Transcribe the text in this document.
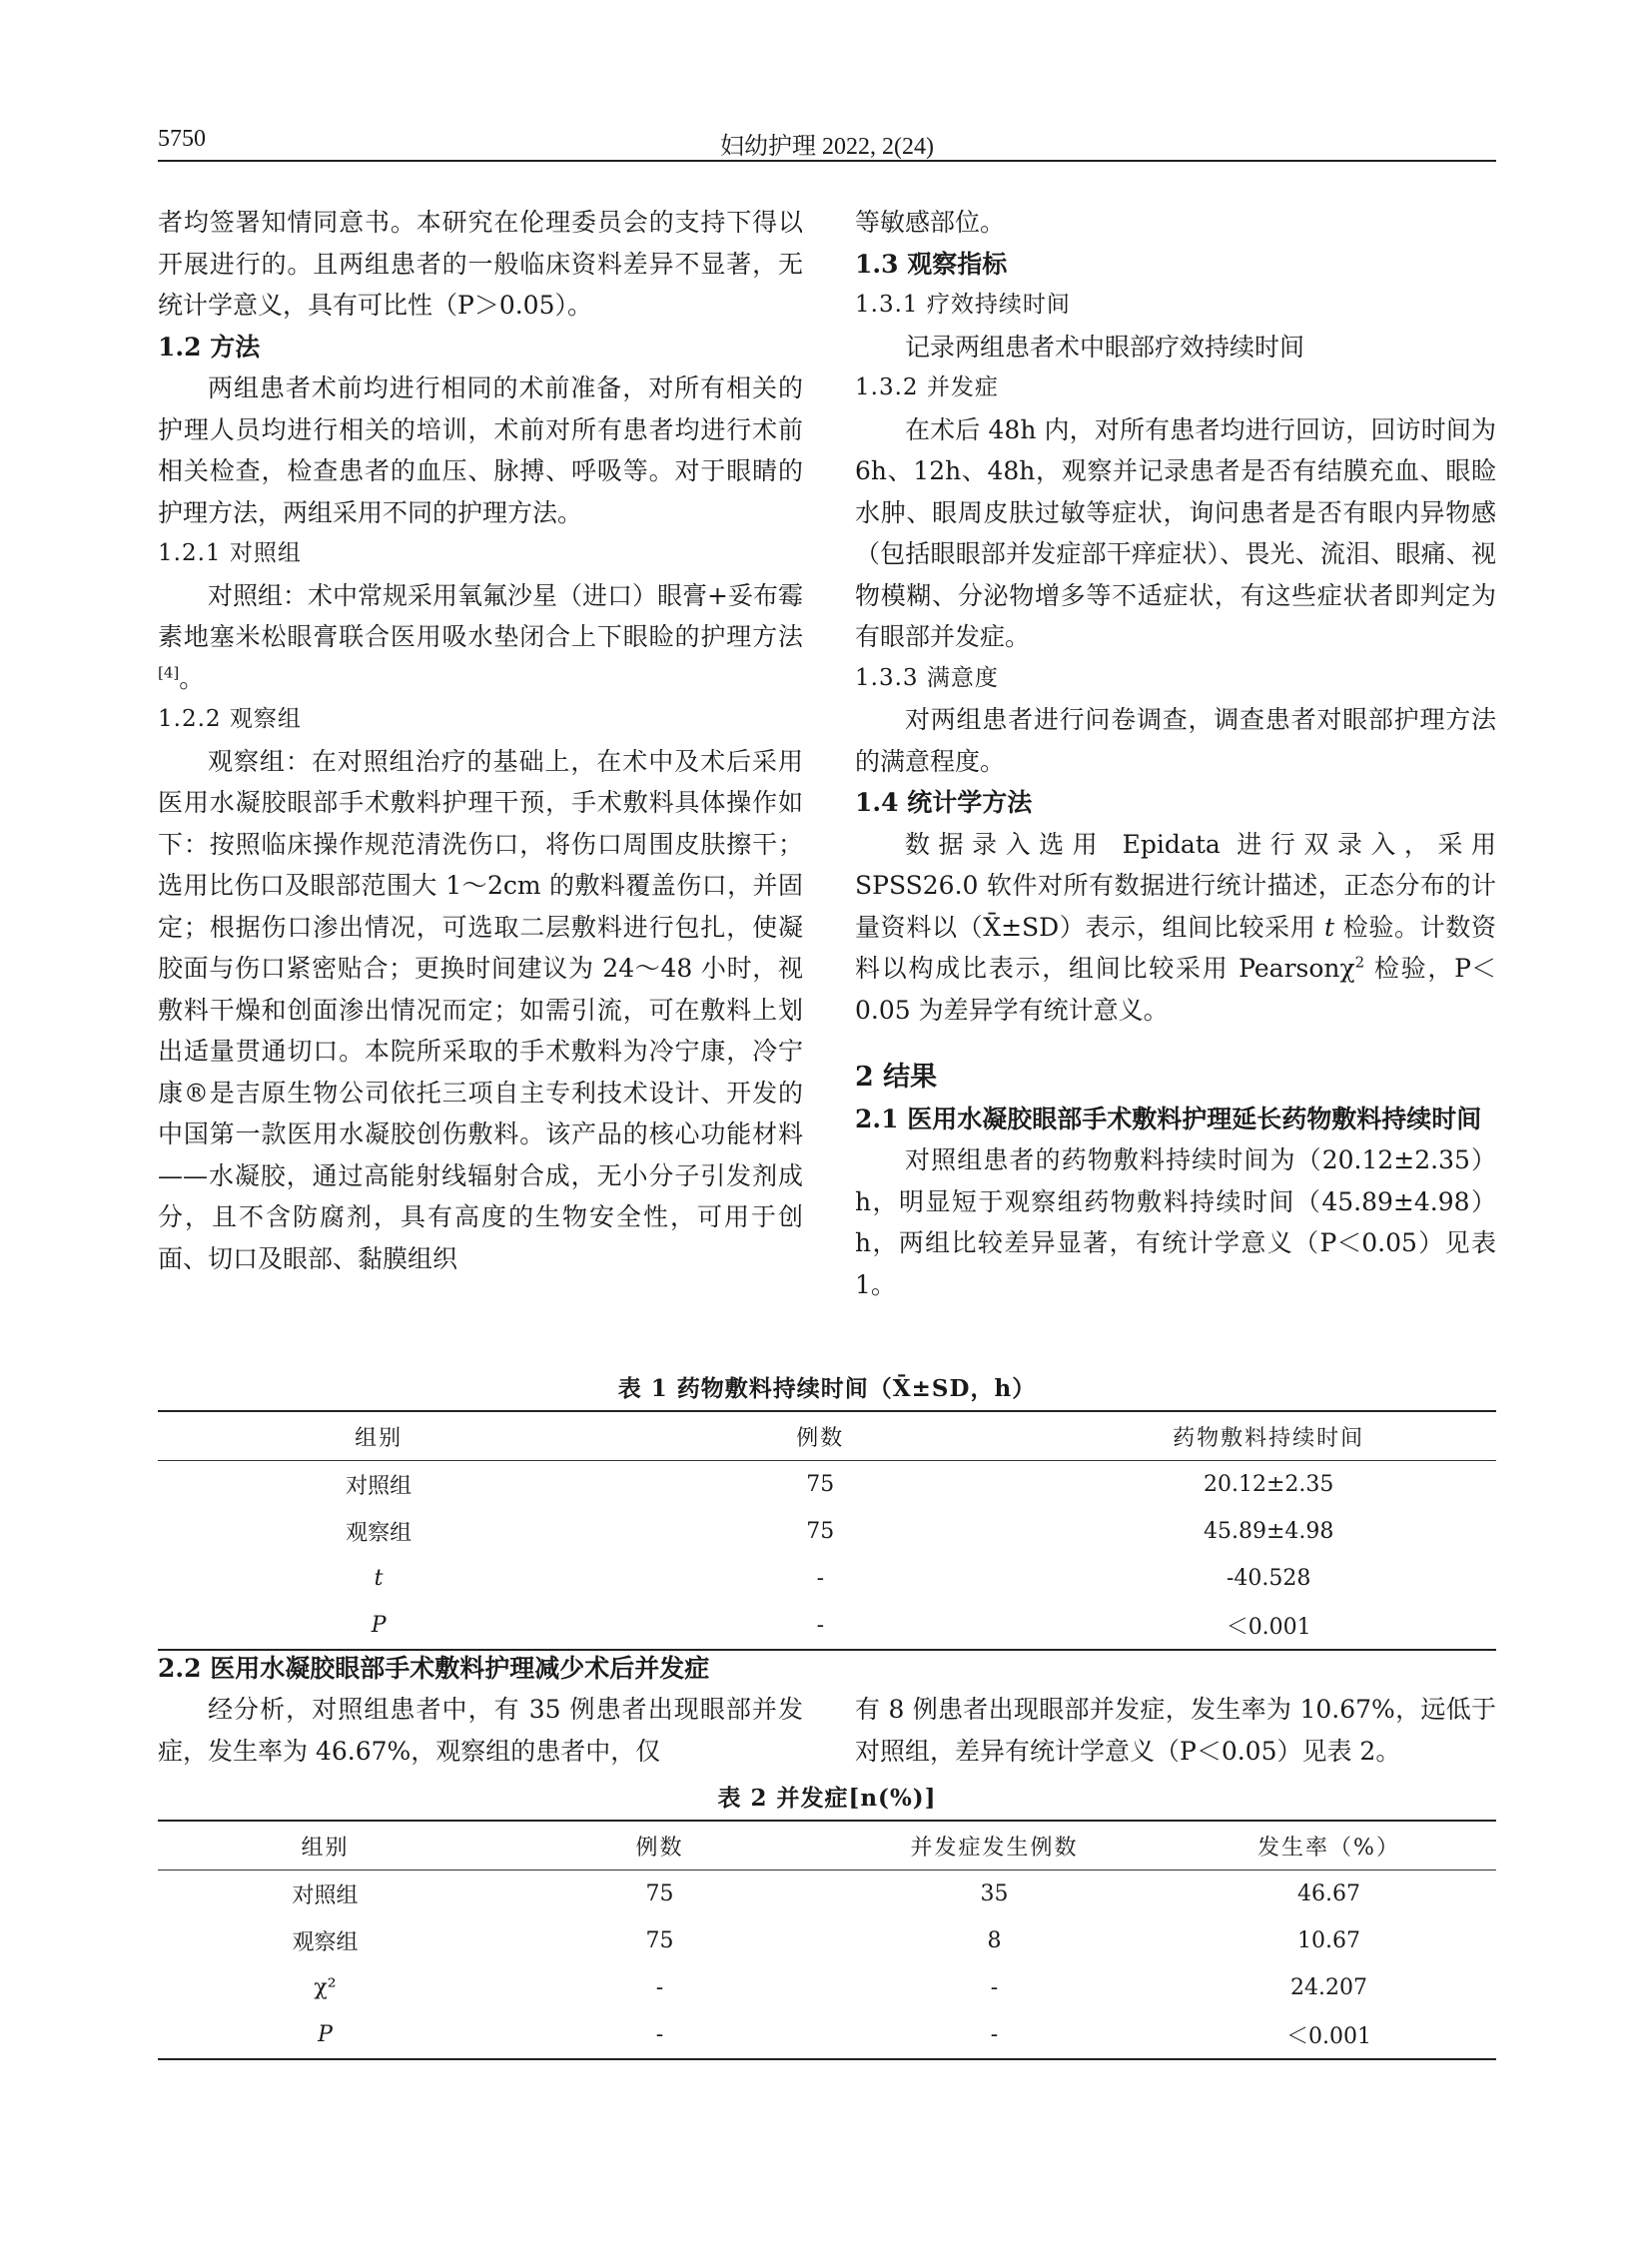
5750	妇幼护理 2022, 2(24)

者均签署知情同意书。本研究在伦理委员会的支持下得以开展进行的。且两组患者的一般临床资料差异不显著，无统计学意义，具有可比性（P＞0.05）。

1.2 方法

两组患者术前均进行相同的术前准备，对所有相关的护理人员均进行相关的培训，术前对所有患者均进行术前相关检查，检查患者的血压、脉搏、呼吸等。对于眼睛的护理方法，两组采用不同的护理方法。

1.2.1 对照组

对照组：术中常规采用氧氟沙星（进口）眼膏+妥布霉素地塞米松眼膏联合医用吸水垫闭合上下眼睑的护理方法[4]。

1.2.2 观察组

观察组：在对照组治疗的基础上，在术中及术后采用医用水凝胶眼部手术敷料护理干预，手术敷料具体操作如下：按照临床操作规范清洗伤口，将伤口周围皮肤擦干；选用比伤口及眼部范围大 1～2cm 的敷料覆盖伤口，并固定；根据伤口渗出情况，可选取二层敷料进行包扎，使凝胶面与伤口紧密贴合；更换时间建议为 24～48 小时，视敷料干燥和创面渗出情况而定；如需引流，可在敷料上划出适量贯通切口。本院所采取的手术敷料为冷宁康，冷宁康®是吉原生物公司依托三项自主专利技术设计、开发的中国第一款医用水凝胶创伤敷料。该产品的核心功能材料——水凝胶，通过高能射线辐射合成，无小分子引发剂成分，且不含防腐剂，具有高度的生物安全性，可用于创面、切口及眼部、黏膜组织

等敏感部位。

1.3 观察指标

1.3.1 疗效持续时间

记录两组患者术中眼部疗效持续时间

1.3.2 并发症

在术后 48h 内，对所有患者均进行回访，回访时间为 6h、12h、48h，观察并记录患者是否有结膜充血、眼睑水肿、眼周皮肤过敏等症状，询问患者是否有眼内异物感（包括眼眼部并发症部干痒症状）、畏光、流泪、眼痛、视物模糊、分泌物增多等不适症状，有这些症状者即判定为有眼部并发症。

1.3.3 满意度

对两组患者进行问卷调查，调查患者对眼部护理方法的满意程度。

1.4 统计学方法

数据录入选用 Epidata 进行双录入，采用 SPSS26.0 软件对所有数据进行统计描述，正态分布的计量资料以（X̄±SD）表示，组间比较采用 t 检验。计数资料以构成比表示，组间比较采用 Pearsonχ$^2$ 检验，P＜0.05 为差异学有统计意义。

2 结果

2.1 医用水凝胶眼部手术敷料护理延长药物敷料持续时间

对照组患者的药物敷料持续时间为（20.12±2.35）h，明显短于观察组药物敷料持续时间（45.89±4.98）h，两组比较差异显著，有统计学意义（P＜0.05）见表 1。

表 1 药物敷料持续时间（X̄±SD，h）
组别	例数	药物敷料持续时间
对照组	75	20.12±2.35
观察组	75	45.89±4.98
t	-	-40.528
P	-	＜0.001
2.2 医用水凝胶眼部手术敷料护理减少术后并发症

经分析，对照组患者中，有 35 例患者出现眼部并发症，发生率为 46.67%，观察组的患者中，仅

有 8 例患者出现眼部并发症，发生率为 10.67%，远低于对照组，差异有统计学意义（P＜0.05）见表 2。

表 2 并发症[n(%)]
组别	例数	并发症发生例数	发生率（%）
对照组	75	35	46.67
观察组	75	8	10.67
χ²	-	-	24.207
P	-	-	＜0.001
